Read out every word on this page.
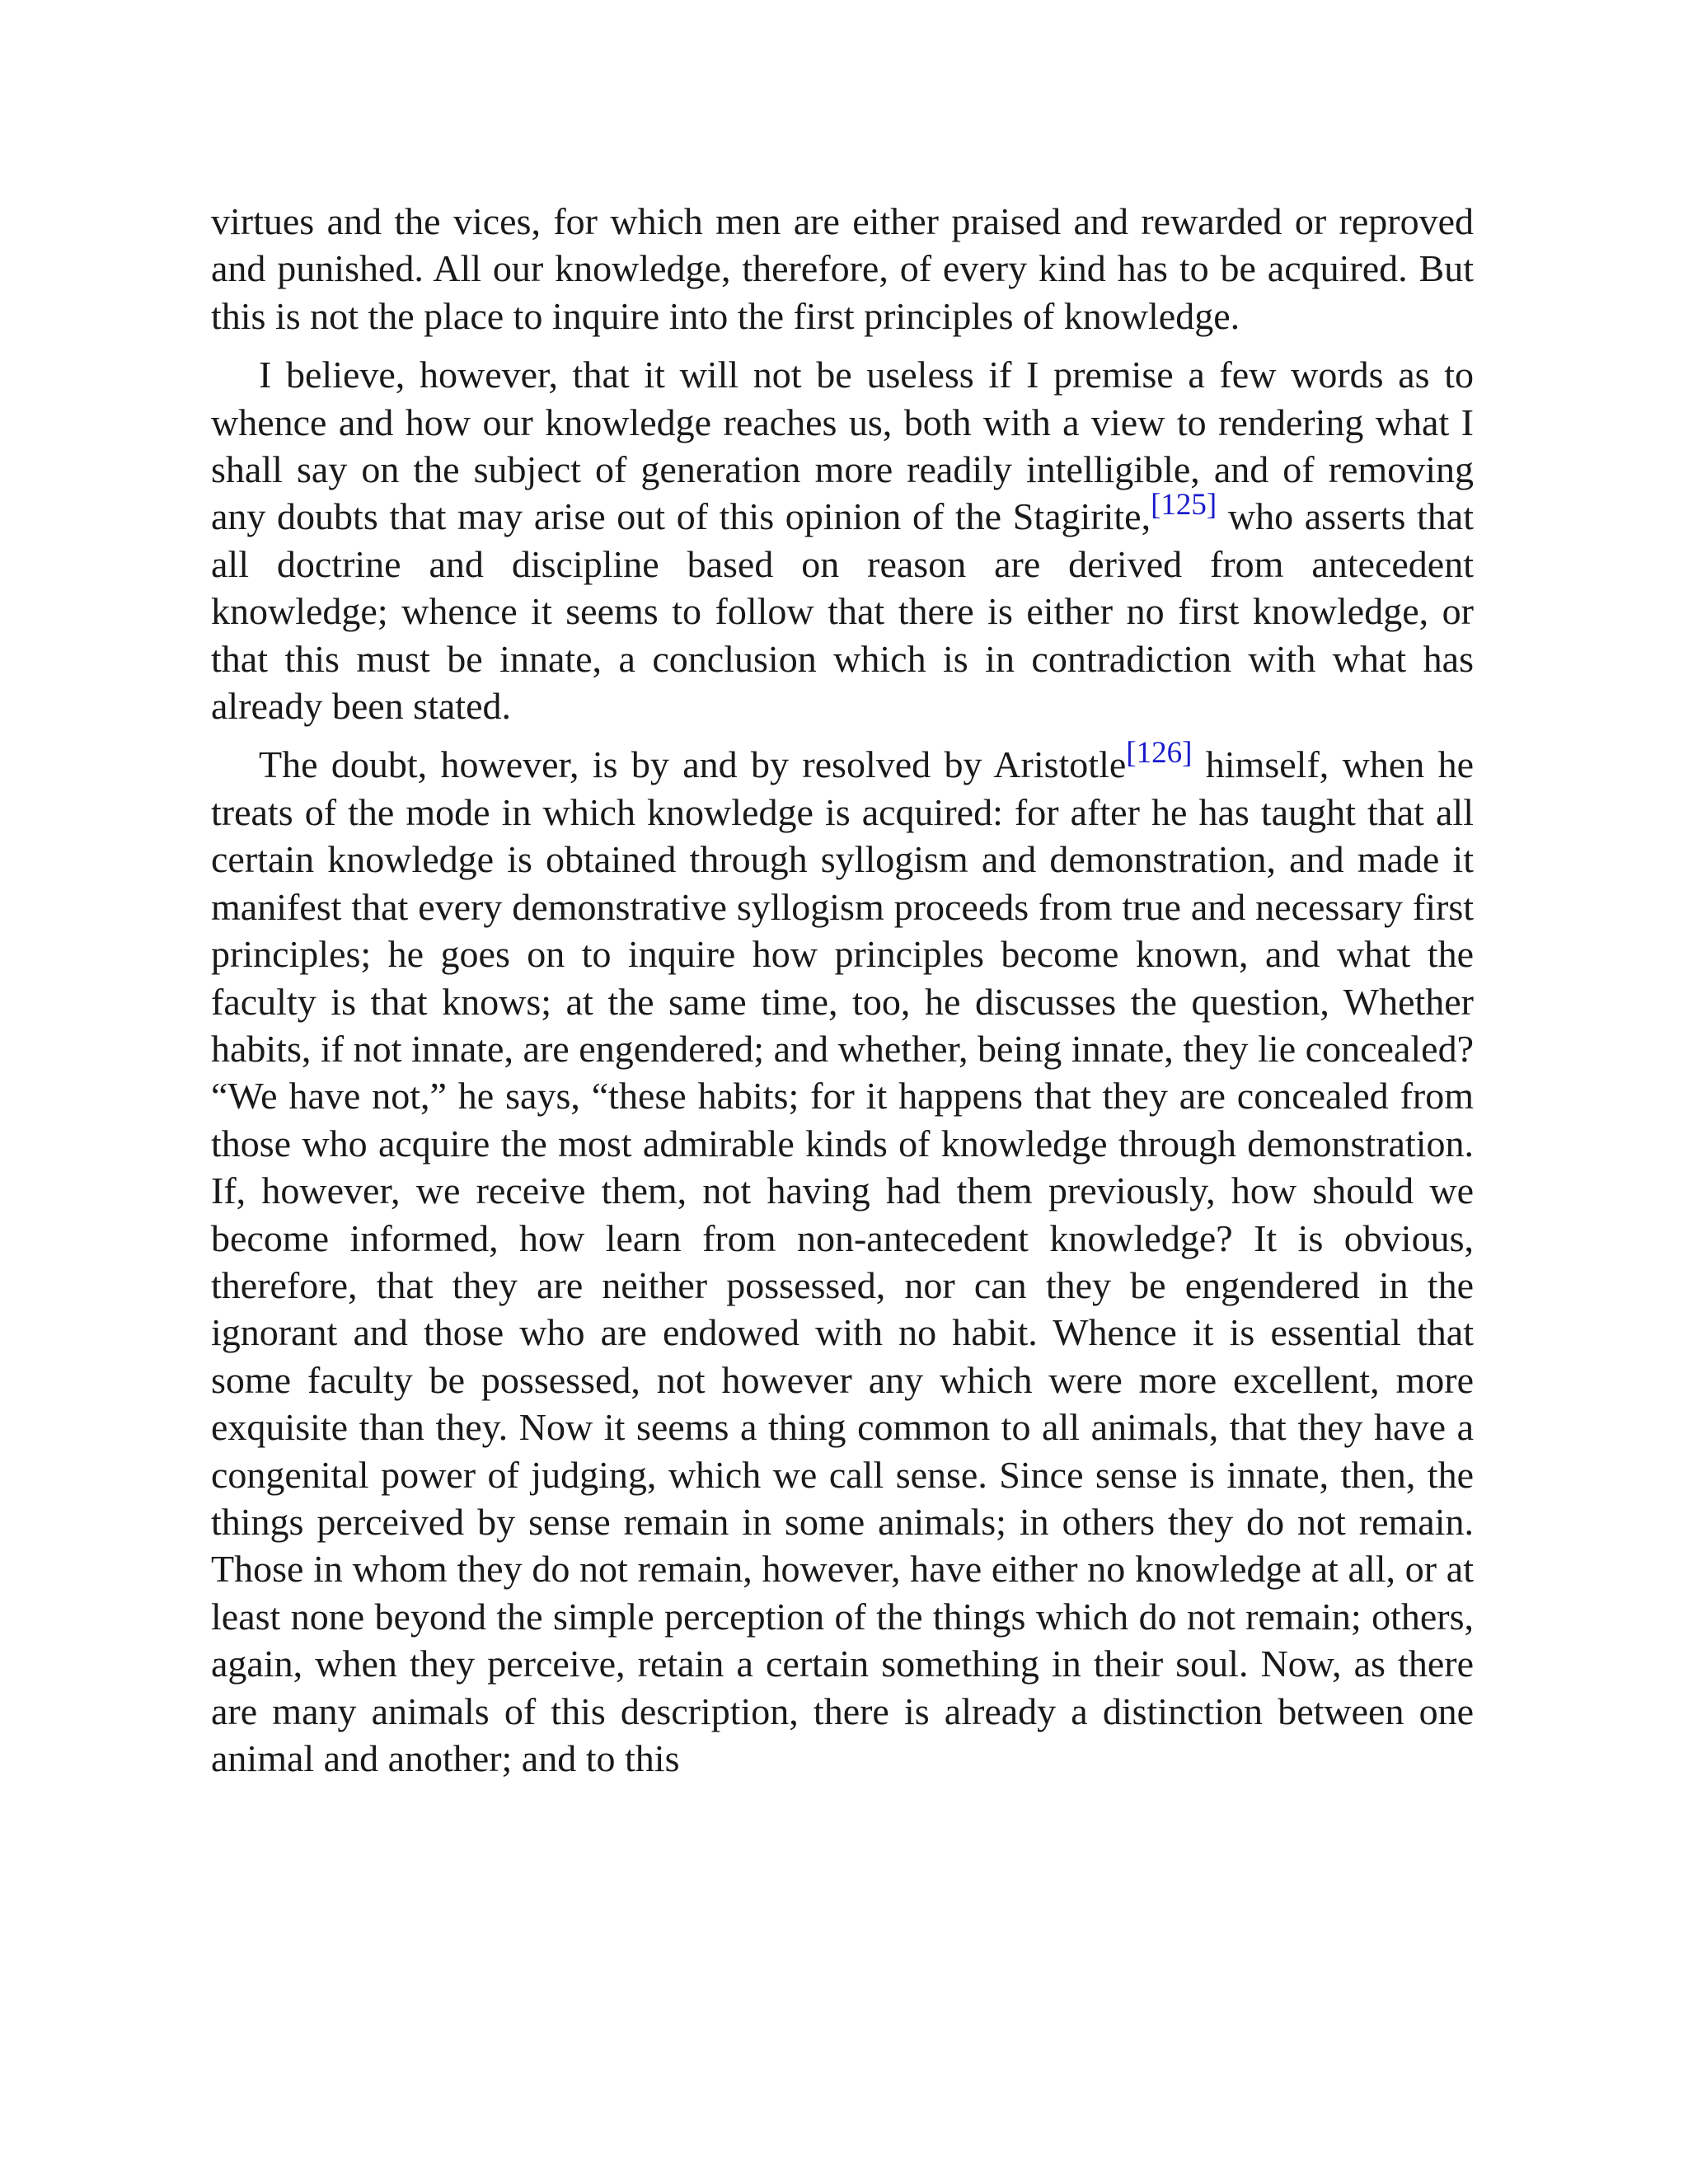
virtues and the vices, for which men are either praised and rewarded or reproved and punished. All our knowledge, therefore, of every kind has to be acquired. But this is not the place to inquire into the first principles of knowledge.

I believe, however, that it will not be useless if I premise a few words as to whence and how our knowledge reaches us, both with a view to rendering what I shall say on the subject of generation more readily intelligible, and of removing any doubts that may arise out of this opinion of the Stagirite,[125] who asserts that all doctrine and discipline based on reason are derived from antecedent knowledge; whence it seems to follow that there is either no first knowledge, or that this must be innate, a conclusion which is in contradiction with what has already been stated.

The doubt, however, is by and by resolved by Aristotle[126] himself, when he treats of the mode in which knowledge is acquired: for after he has taught that all certain knowledge is obtained through syllogism and demonstration, and made it manifest that every demonstrative syllogism proceeds from true and necessary first principles; he goes on to inquire how principles become known, and what the faculty is that knows; at the same time, too, he discusses the question, Whether habits, if not innate, are engendered; and whether, being innate, they lie concealed? “We have not,” he says, “these habits; for it happens that they are concealed from those who acquire the most admirable kinds of knowledge through demonstration. If, however, we receive them, not having had them previously, how should we become informed, how learn from non-antecedent knowledge? It is obvious, therefore, that they are neither possessed, nor can they be engendered in the ignorant and those who are endowed with no habit. Whence it is essential that some faculty be possessed, not however any which were more excellent, more exquisite than they. Now it seems a thing common to all animals, that they have a congenital power of judging, which we call sense. Since sense is innate, then, the things perceived by sense remain in some animals; in others they do not remain. Those in whom they do not remain, however, have either no knowledge at all, or at least none beyond the simple perception of the things which do not remain; others, again, when they perceive, retain a certain something in their soul. Now, as there are many animals of this description, there is already a distinction between one animal and another; and to this
